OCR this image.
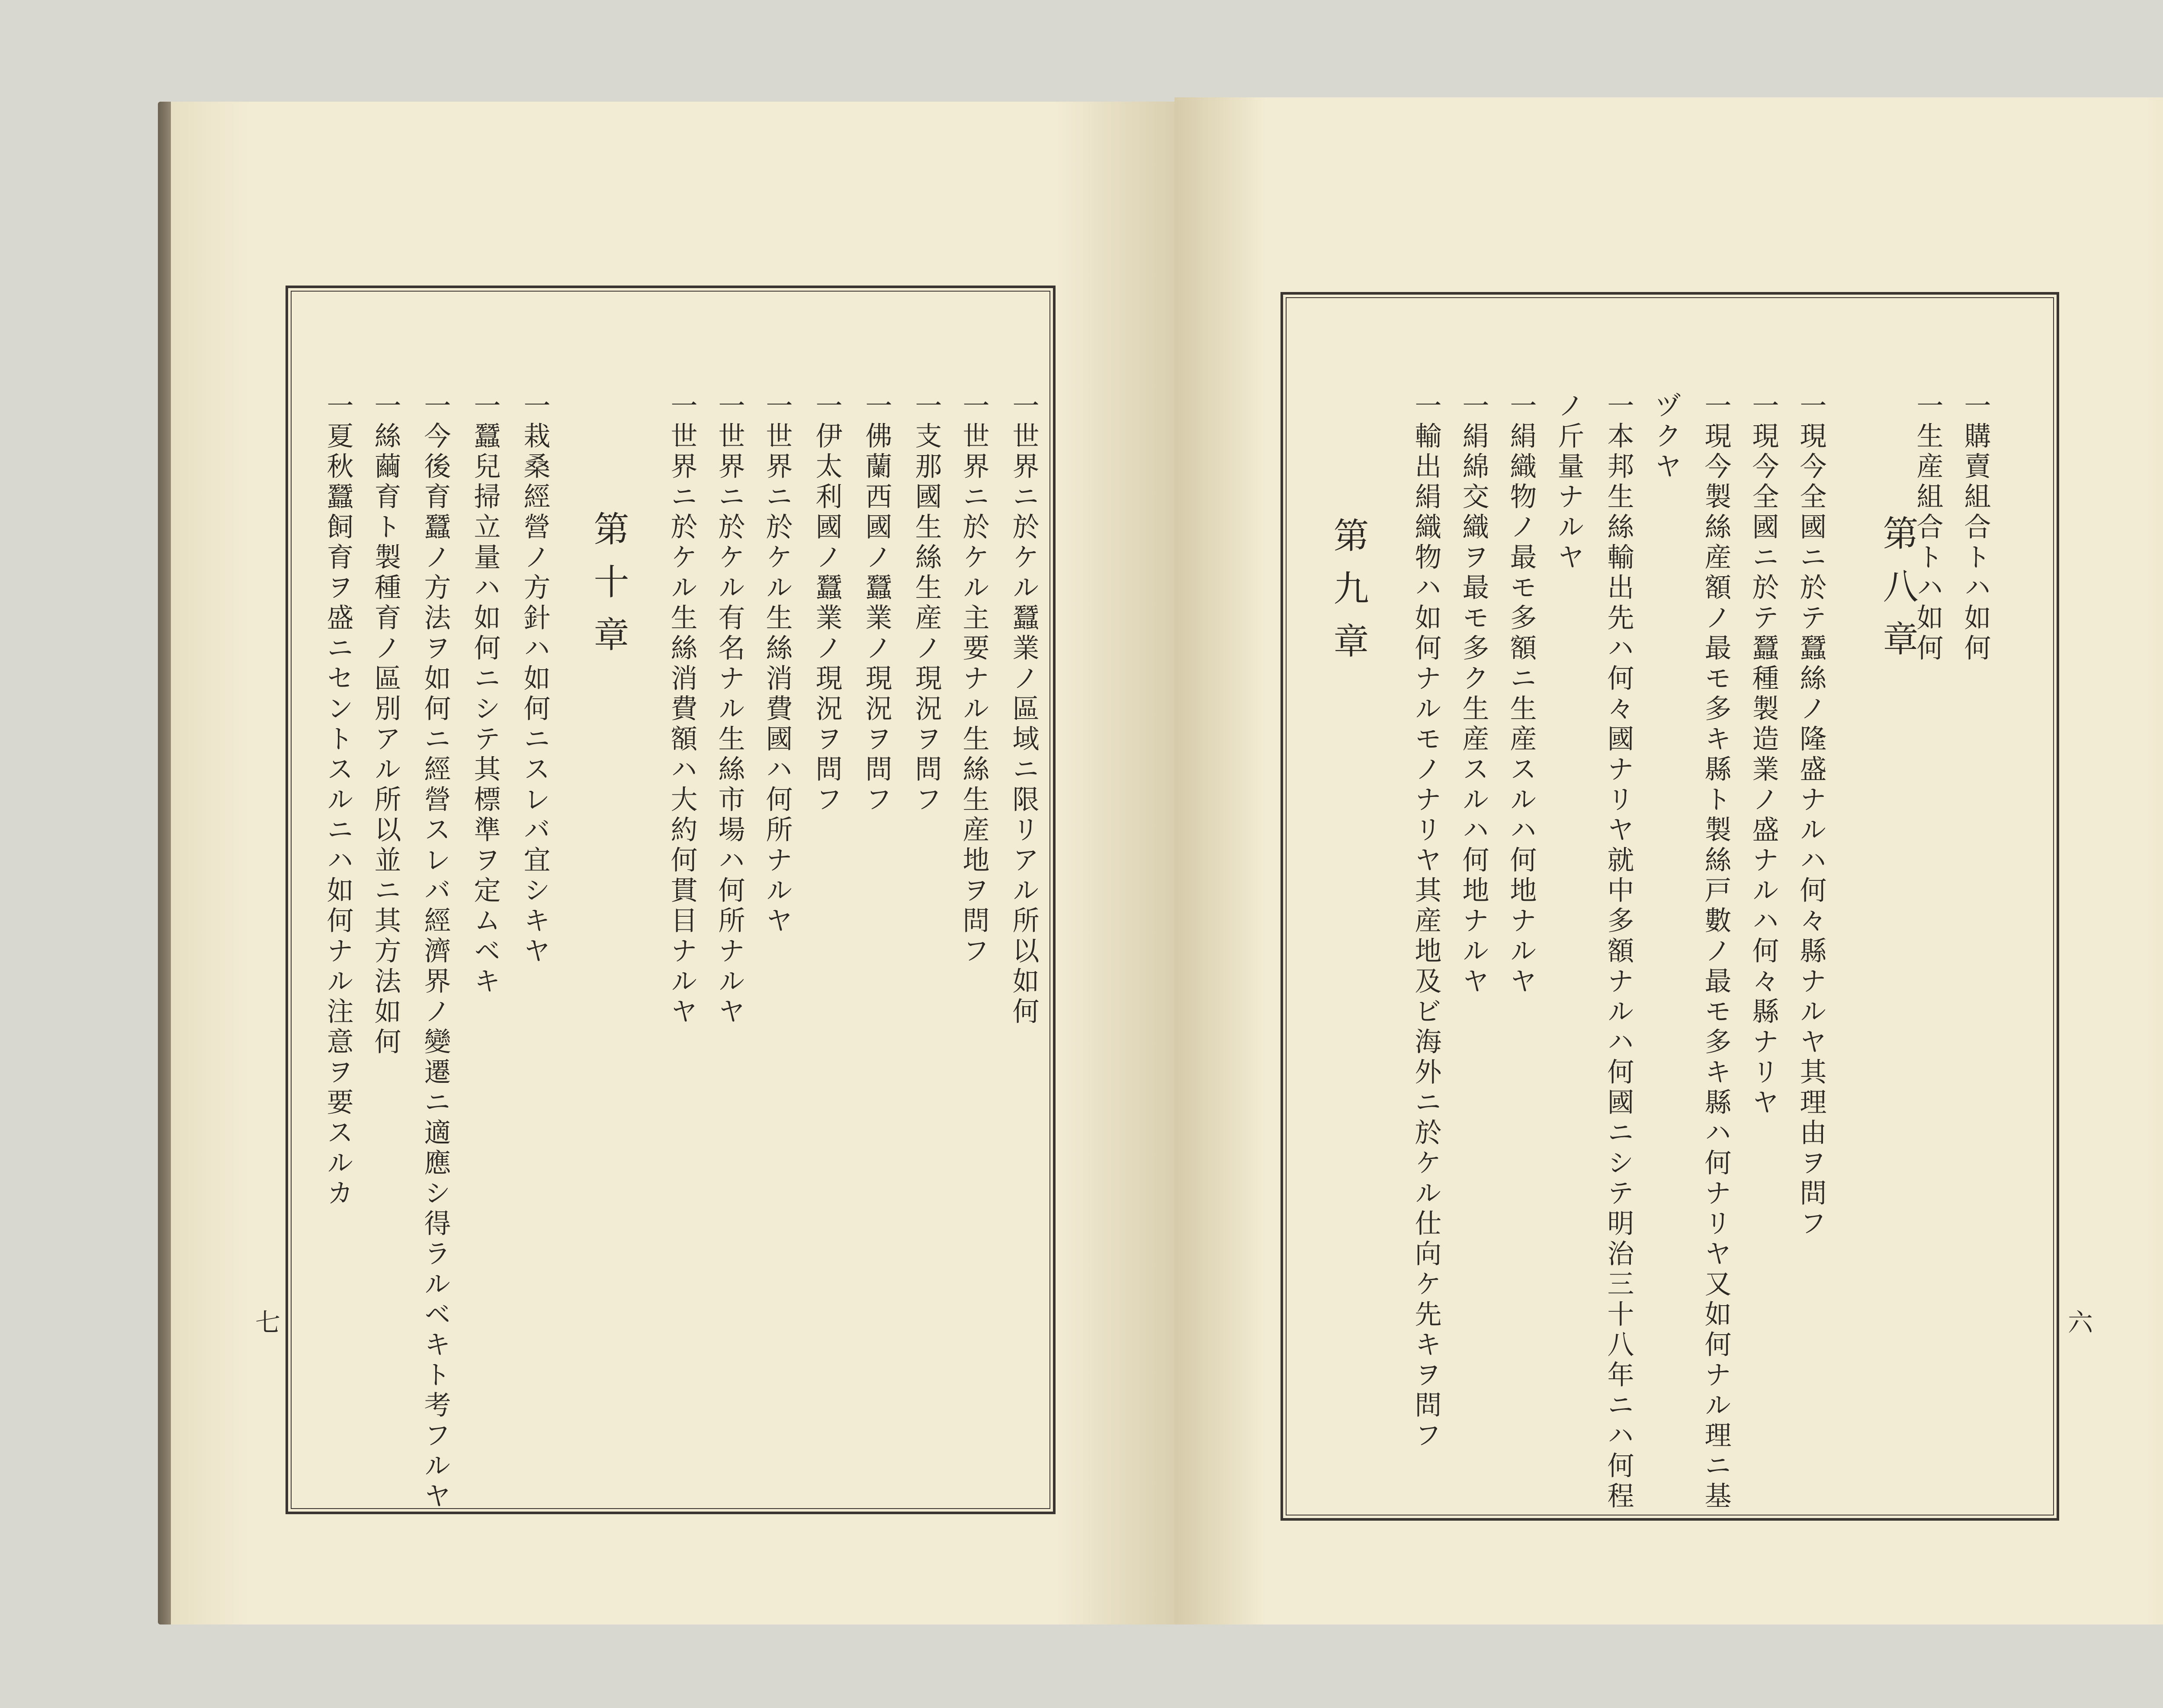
一世界ニ於ケル蠶業ノ區域ニ限リアル所以如何
一世界ニ於ケル主要ナル生絲生産地ヲ問フ
一支那國生絲生産ノ現況ヲ問フ
一佛蘭西國ノ蠶業ノ現況ヲ問フ
一伊太利國ノ蠶業ノ現況ヲ問フ
一世界ニ於ケル生絲消費國ハ何所ナルヤ
一世界ニ於ケル有名ナル生絲市場ハ何所ナルヤ
一世界ニ於ケル生絲消費額ハ大約何貫目ナルヤ
第十章
一栽桑經營ノ方針ハ如何ニスレバ宜シキヤ
一蠶兒掃立量ハ如何ニシテ其標準ヲ定ムベキ
一今後育蠶ノ方法ヲ如何ニ經營スレバ經濟界ノ變遷ニ適應シ得ラルベキト考フルヤ
一絲繭育ト製種育ノ區別アル所以並ニ其方法如何
一夏秋蠶飼育ヲ盛ニセントスルニハ如何ナル注意ヲ要スルカ
七
一購賣組合トハ如何
一生産組合トハ如何
第八章
一現今全國ニ於テ蠶絲ノ隆盛ナルハ何々縣ナルヤ其理由ヲ問フ
一現今全國ニ於テ蠶種製造業ノ盛ナルハ何々縣ナリヤ
一現今製絲産額ノ最モ多キ縣ト製絲戸數ノ最モ多キ縣ハ何ナリヤ又如何ナル理ニ基
ヅクヤ
一本邦生絲輸出先ハ何々國ナリヤ就中多額ナルハ何國ニシテ明治三十八年ニハ何程
ノ斤量ナルヤ
一絹織物ノ最モ多額ニ生産スルハ何地ナルヤ
一絹綿交織ヲ最モ多ク生産スルハ何地ナルヤ
一輸出絹織物ハ如何ナルモノナリヤ其産地及ビ海外ニ於ケル仕向ケ先キヲ問フ
第九章
六
